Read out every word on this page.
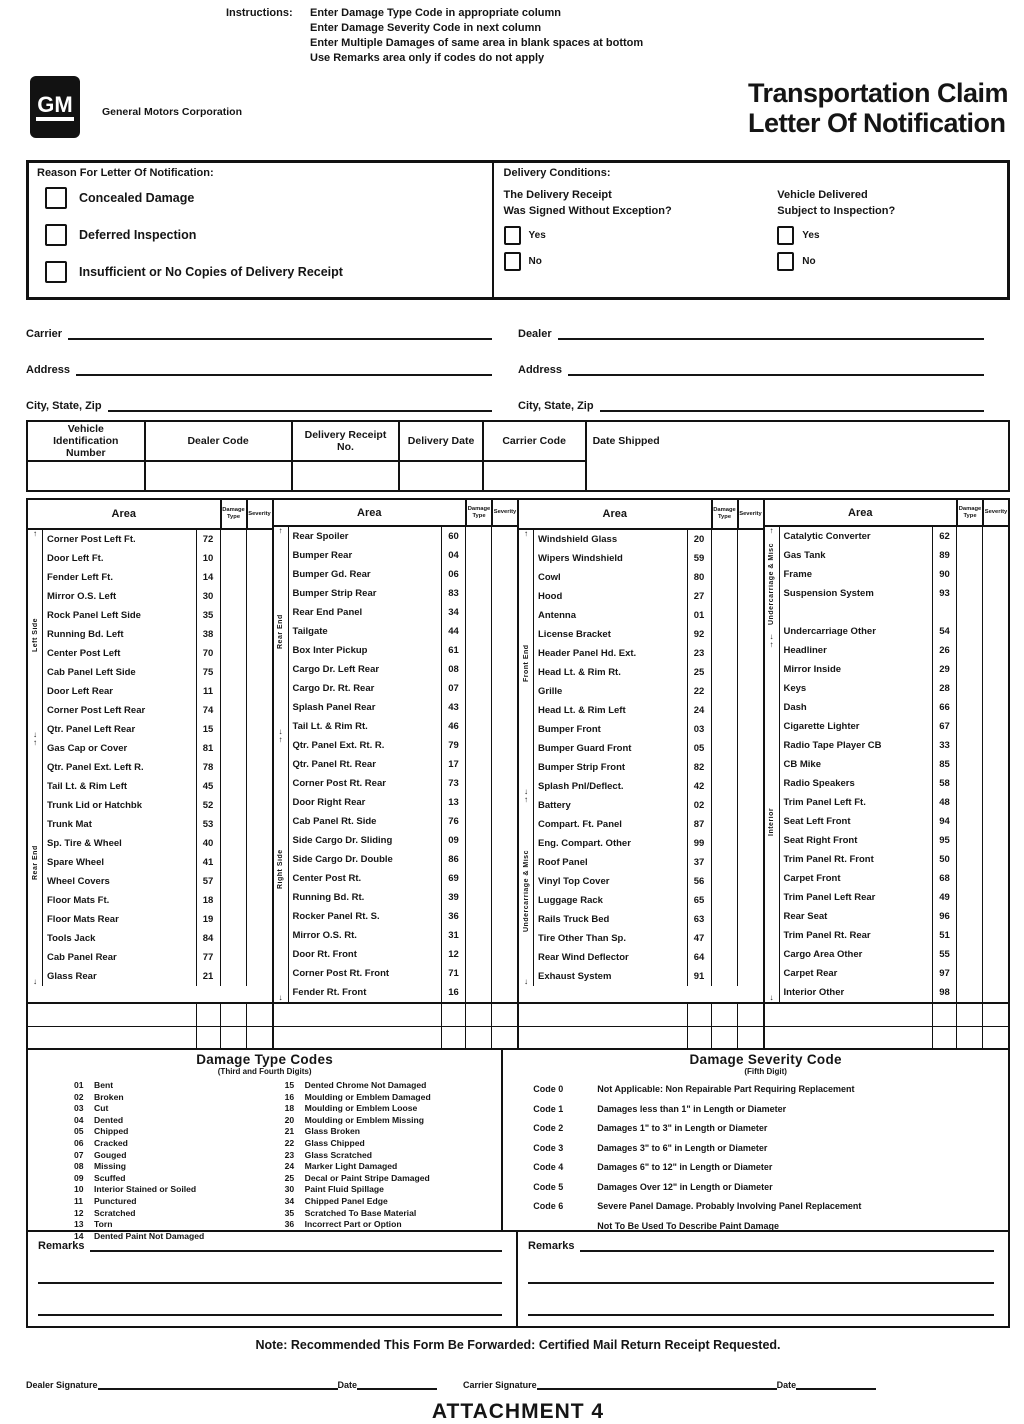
Instructions:	Enter Damage Type Code in appropriate column
Enter Damage Severity Code in next column
Enter Multiple Damages of same area in blank spaces at bottom
Use Remarks area only if codes do not apply
GM	General Motors Corporation
Transportation Claim
Letter Of Notification
Reason For Letter Of Notification:
Concealed Damage
Deferred Inspection
Insufficient or No Copies of Delivery Receipt
Delivery Conditions:
The Delivery Receipt
Was Signed Without Exception?
Yes
No
Vehicle Delivered
Subject to Inspection?
Yes
No
Carrier
Address
City, State, Zip
Dealer
Address
City, State, Zip
Vehicle Identification Number
Dealer Code	Delivery Receipt No.	Delivery Date	Carrier Code	Date Shipped
Area	Damage Type
Severity
↑
Left Side
↓
Corner Post Left Ft.	72
Door Left Ft.	10
Fender Left Ft.	14
Mirror O.S. Left	30
Rock Panel Left Side	35
Running Bd. Left	38
Center Post Left	70
Cab Panel Left Side	75
Door Left Rear	11
Corner Post Left Rear	74
Qtr. Panel Left Rear	15
↑
Rear End
↓
Gas Cap or Cover	81
Qtr. Panel Ext. Left R.	78
Tail Lt. & Rim Left	45
Trunk Lid or Hatchbk	52
Trunk Mat	53
Sp. Tire & Wheel	40
Spare Wheel	41
Wheel Covers	57
Floor Mats Ft.	18
Floor Mats Rear	19
Tools Jack	84
Cab Panel Rear	77
Glass Rear	21
Area	Damage Type
Severity
↑
Rear End
↓
Rear Spoiler	60
Bumper Rear	04
Bumper Gd. Rear	06
Bumper Strip Rear	83
Rear End Panel	34
Tailgate	44
Box Inter Pickup	61
Cargo Dr. Left Rear	08
Cargo Dr. Rt. Rear	07
Splash Panel Rear	43
Tail Lt. & Rim Rt.	46
↑
Right Side
↓
Qtr. Panel Ext. Rt. R.	79
Qtr. Panel Rt. Rear	17
Corner Post Rt. Rear	73
Door Right Rear	13
Cab Panel Rt. Side	76
Side Cargo Dr. Sliding	09
Side Cargo Dr. Double	86
Center Post Rt.	69
Running Bd. Rt.	39
Rocker Panel Rt. S.	36
Mirror O.S. Rt.	31
Door Rt. Front	12
Corner Post Rt. Front	71
Fender Rt. Front	16
Area	Damage Type
Severity
↑
Front End
↓
Windshield Glass	20
Wipers Windshield	59
Cowl	80
Hood	27
Antenna	01
License Bracket	92
Header Panel Hd. Ext.	23
Head Lt. & Rim Rt.	25
Grille	22
Head Lt. & Rim Left	24
Bumper Front	03
Bumper Guard Front	05
Bumper Strip Front	82
Splash Pnl/Deflect.	42
↑
Undercarriage & Misc
↓
Battery	02
Compart. Ft. Panel	87
Eng. Compart. Other	99
Roof Panel	37
Vinyl Top Cover	56
Luggage Rack	65
Rails Truck Bed	63
Tire Other Than Sp.	47
Rear Wind Deflector	64
Exhaust System	91
Area	Damage Type
Severity
↑
Undercarriage & Misc
↓
Catalytic Converter	62
Gas Tank	89
Frame	90
Suspension System	93
Undercarriage Other	54
↑
Interior
↓
Headliner	26
Mirror Inside	29
Keys	28
Dash	66
Cigarette Lighter	67
Radio Tape Player CB	33
CB Mike	85
Radio Speakers	58
Trim Panel Left Ft.	48
Seat Left Front	94
Seat Right Front	95
Trim Panel Rt. Front	50
Carpet Front	68
Trim Panel Left Rear	49
Rear Seat	96
Trim Panel Rt. Rear	51
Cargo Area Other	55
Carpet Rear	97
Interior Other	98
Damage Type Codes
(Third and Fourth Digits)
01	Bent
02	Broken
03	Cut
04	Dented
05	Chipped
06	Cracked
07	Gouged
08	Missing
09	Scuffed
10	Interior Stained or Soiled
11	Punctured
12	Scratched
13	Torn
14	Dented Paint Not Damaged
15	Dented Chrome Not Damaged
16	Moulding or Emblem Damaged
18	Moulding or Emblem Loose
20	Moulding or Emblem Missing
21	Glass Broken
22	Glass Chipped
23	Glass Scratched
24	Marker Light Damaged
25	Decal or Paint Stripe Damaged
30	Paint Fluid Spillage
34	Chipped Panel Edge
35	Scratched To Base Material
36	Incorrect Part or Option
Damage Severity Code
(Fifth Digit)
Code 0	Not Applicable: Non Repairable Part Requiring Replacement
Code 1	Damages less than 1" in Length or Diameter
Code 2	Damages 1" to 3" in Length or Diameter
Code 3	Damages 3" to 6" in Length or Diameter
Code 4	Damages 6" to 12" in Length or Diameter
Code 5	Damages Over 12" in Length or Diameter
Code 6	Severe Panel Damage. Probably Involving Panel Replacement
Not To Be Used To Describe Paint Damage
Remarks	Remarks
Note: Recommended This Form Be Forwarded: Certified Mail Return Receipt Requested.
Dealer Signature	Date	Carrier Signature	Date
ATTACHMENT 4
